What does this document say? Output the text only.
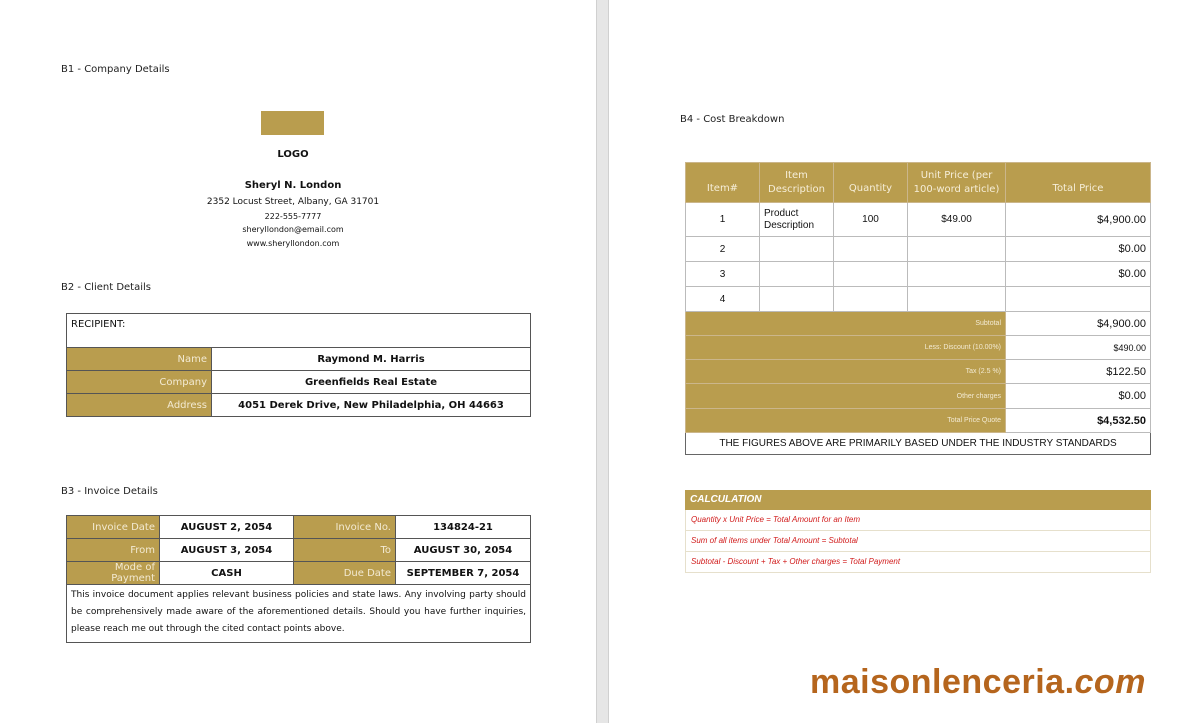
B1 - Company Details
LOGO
Sheryl N. London
2352 Locust Street, Albany, GA 31701
222-555-7777
sheryllondon@email.com
www.sheryllondon.com
B2 - Client Details
RECIPIENT:	
Name	Raymond M. Harris
Company	Greenfields Real Estate
Address	4051 Derek Drive, New Philadelphia, OH 44663
B3 - Invoice Details
Invoice Date	AUGUST 2, 2054	Invoice No.	134824-21
From	AUGUST 3, 2054	To	AUGUST 30, 2054
Mode of Payment	CASH	Due Date	SEPTEMBER 7, 2054
This invoice document applies relevant business policies and state laws. Any involving party should be comprehensively made aware of the aforementioned details. Should you have further inquiries, please reach me out through the cited contact points above.			
B4 - Cost Breakdown
Item#	Item Description	Quantity	Unit Price (per 100-word article)	Total Price
1	Product Description	100	$49.00	$4,900.00
2				$0.00
3				$0.00
4				
Subtotal				$4,900.00
Less: Discount (10.00%)				$490.00
Tax (2.5 %)				$122.50
Other charges				$0.00
Total Price Quote				$4,532.50
THE FIGURES ABOVE ARE PRIMARILY BASED UNDER THE INDUSTRY STANDARDS				
CALCULATION
Quantity x Unit Price = Total Amount for an Item
Sum of all items under Total Amount = Subtotal
Subtotal - Discount + Tax + Other charges = Total Payment
maisonlenceria.com
